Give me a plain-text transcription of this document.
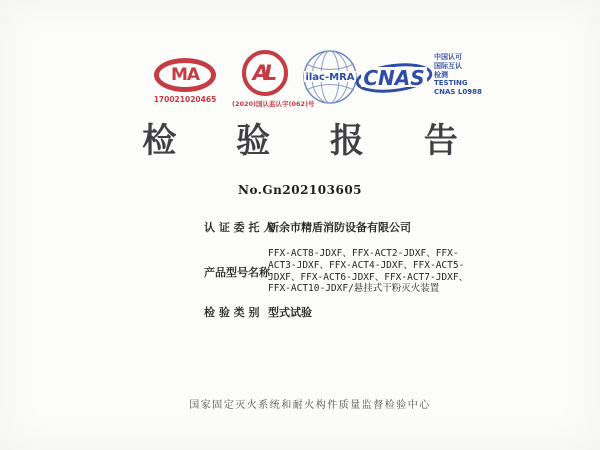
MA
170021020465
AL
(2020)国认监认字(062)号
ilac-MRA CNAS
中国认可
国际互认
检测
TESTING
CNAS L0988
检 验 报 告
No.Gn202103605
认 证 委 托 人
新余市精盾消防设备有限公司
产品型号名称
FFX-ACT8-JDXF、FFX-ACT2-JDXF、FFX-
ACT3-JDXF、FFX-ACT4-JDXF、FFX-ACT5-
JDXF、FFX-ACT6-JDXF、FFX-ACT7-JDXF、
FFX-ACT10-JDXF/悬挂式干粉灭火装置
检 验 类 别 型式试验
国家固定灭火系统和耐火构件质量监督检验中心
